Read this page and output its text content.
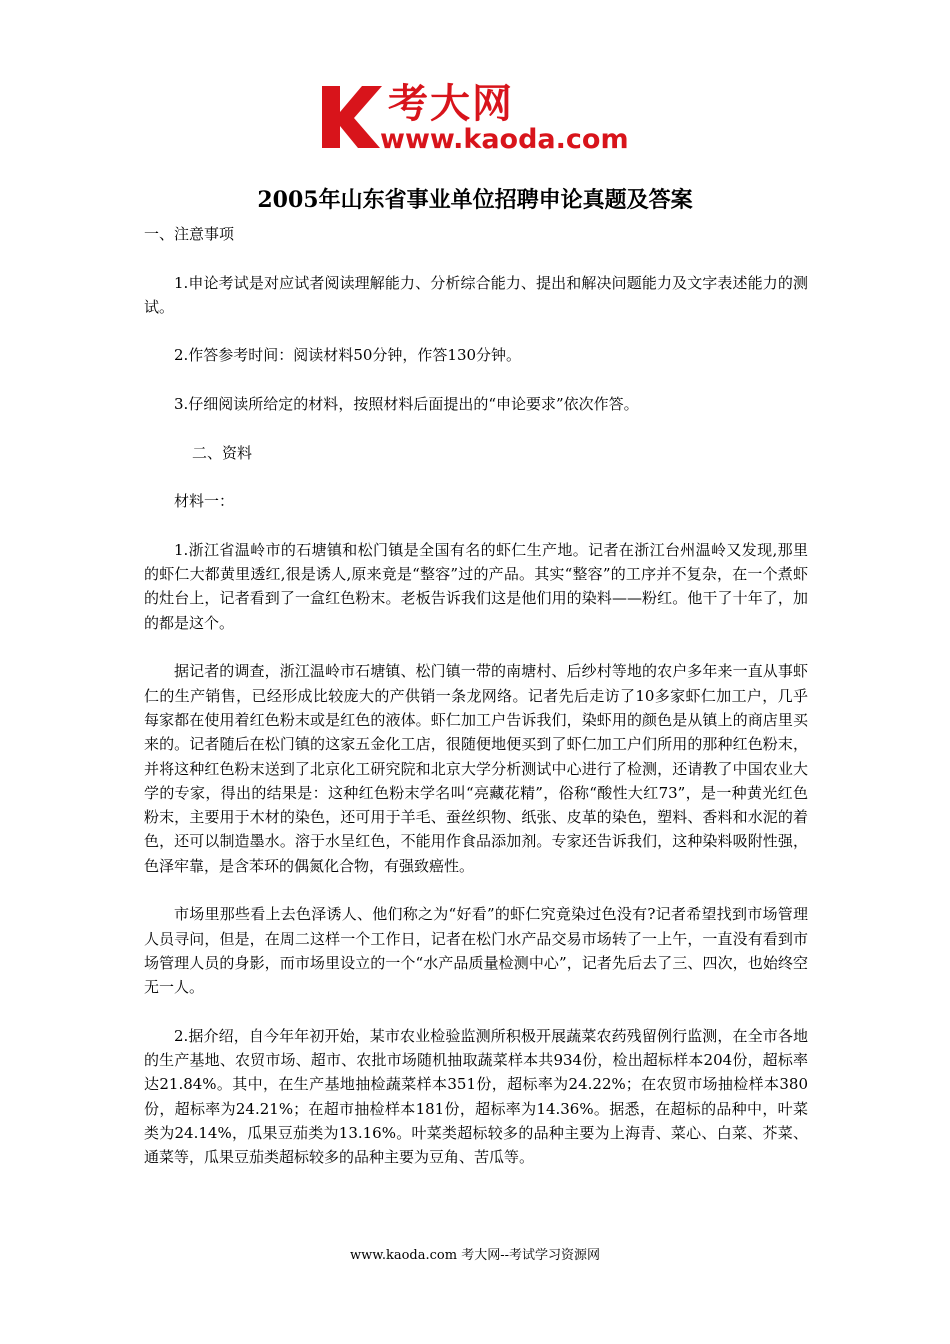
考大网
www.kaoda.com
2005年山东省事业单位招聘申论真题及答案

一、注意事项

1.申论考试是对应试者阅读理解能力、分析综合能力、提出和解决问题能力及文字表述能力的测试。

2.作答参考时间：阅读材料50分钟，作答130分钟。

3.仔细阅读所给定的材料，按照材料后面提出的“申论要求”依次作答。

二、资料

材料一：

1.浙江省温岭市的石塘镇和松门镇是全国有名的虾仁生产地。记者在浙江台州温岭又发现,那里的虾仁大都黄里透红,很是诱人,原来竟是“整容”过的产品。其实“整容”的工序并不复杂，在一个煮虾的灶台上，记者看到了一盒红色粉末。老板告诉我们这是他们用的染料——粉红。他干了十年了，加的都是这个。

据记者的调查，浙江温岭市石塘镇、松门镇一带的南塘村、后纱村等地的农户多年来一直从事虾仁的生产销售，已经形成比较庞大的产供销一条龙网络。记者先后走访了10多家虾仁加工户，几乎每家都在使用着红色粉末或是红色的液体。虾仁加工户告诉我们，染虾用的颜色是从镇上的商店里买来的。记者随后在松门镇的这家五金化工店，很随便地便买到了虾仁加工户们所用的那种红色粉末，并将这种红色粉末送到了北京化工研究院和北京大学分析测试中心进行了检测，还请教了中国农业大学的专家，得出的结果是：这种红色粉末学名叫“亮藏花精”，俗称“酸性大红73”，是一种黄光红色粉末，主要用于木材的染色，还可用于羊毛、蚕丝织物、纸张、皮革的染色，塑料、香料和水泥的着色，还可以制造墨水。溶于水呈红色，不能用作食品添加剂。专家还告诉我们，这种染料吸附性强，色泽牢靠，是含苯环的偶氮化合物，有强致癌性。

市场里那些看上去色泽诱人、他们称之为“好看”的虾仁究竟染过色没有?记者希望找到市场管理人员寻问，但是，在周二这样一个工作日，记者在松门水产品交易市场转了一上午，一直没有看到市场管理人员的身影，而市场里设立的一个“水产品质量检测中心”，记者先后去了三、四次，也始终空无一人。

2.据介绍，自今年年初开始，某市农业检验监测所积极开展蔬菜农药残留例行监测，在全市各地的生产基地、农贸市场、超市、农批市场随机抽取蔬菜样本共934份，检出超标样本204份，超标率达21.84%。其中，在生产基地抽检蔬菜样本351份，超标率为24.22%；在农贸市场抽检样本380份，超标率为24.21%；在超市抽检样本181份，超标率为14.36%。据悉，在超标的品种中，叶菜类为24.14%，瓜果豆茄类为13.16%。叶菜类超标较多的品种主要为上海青、菜心、白菜、芥菜、通菜等，瓜果豆茄类超标较多的品种主要为豆角、苦瓜等。

www.kaoda.com 考大网--考试学习资源网
